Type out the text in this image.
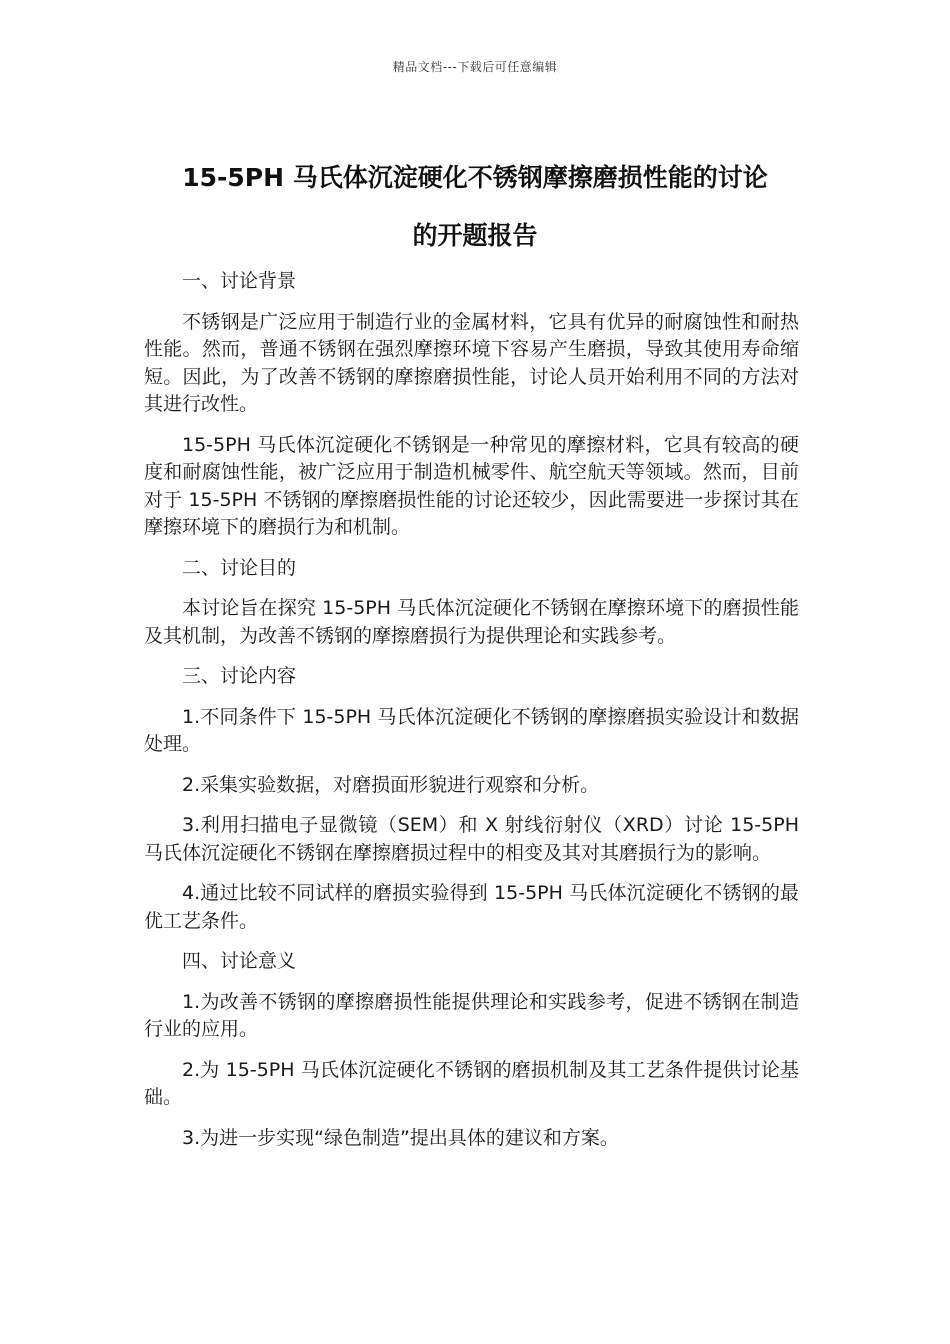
精品文档---下载后可任意编辑
15-5PH 马氏体沉淀硬化不锈钢摩擦磨损性能的讨论
的开题报告

一、讨论背景

不锈钢是广泛应用于制造行业的金属材料，它具有优异的耐腐蚀性和耐热性能。然而，普通不锈钢在强烈摩擦环境下容易产生磨损，导致其使用寿命缩短。因此，为了改善不锈钢的摩擦磨损性能，讨论人员开始利用不同的方法对其进行改性。

15-5PH 马氏体沉淀硬化不锈钢是一种常见的摩擦材料，它具有较高的硬度和耐腐蚀性能，被广泛应用于制造机械零件、航空航天等领域。然而，目前对于 15-5PH 不锈钢的摩擦磨损性能的讨论还较少，因此需要进一步探讨其在摩擦环境下的磨损行为和机制。

二、讨论目的

本讨论旨在探究 15-5PH 马氏体沉淀硬化不锈钢在摩擦环境下的磨损性能及其机制，为改善不锈钢的摩擦磨损行为提供理论和实践参考。

三、讨论内容

1.不同条件下 15-5PH 马氏体沉淀硬化不锈钢的摩擦磨损实验设计和数据处理。

2.采集实验数据，对磨损面形貌进行观察和分析。

3.利用扫描电子显微镜（SEM）和 X 射线衍射仪（XRD）讨论 15-5PH 马氏体沉淀硬化不锈钢在摩擦磨损过程中的相变及其对其磨损行为的影响。

4.通过比较不同试样的磨损实验得到 15-5PH 马氏体沉淀硬化不锈钢的最优工艺条件。

四、讨论意义

1.为改善不锈钢的摩擦磨损性能提供理论和实践参考，促进不锈钢在制造行业的应用。

2.为 15-5PH 马氏体沉淀硬化不锈钢的磨损机制及其工艺条件提供讨论基础。

3.为进一步实现“绿色制造”提出具体的建议和方案。
